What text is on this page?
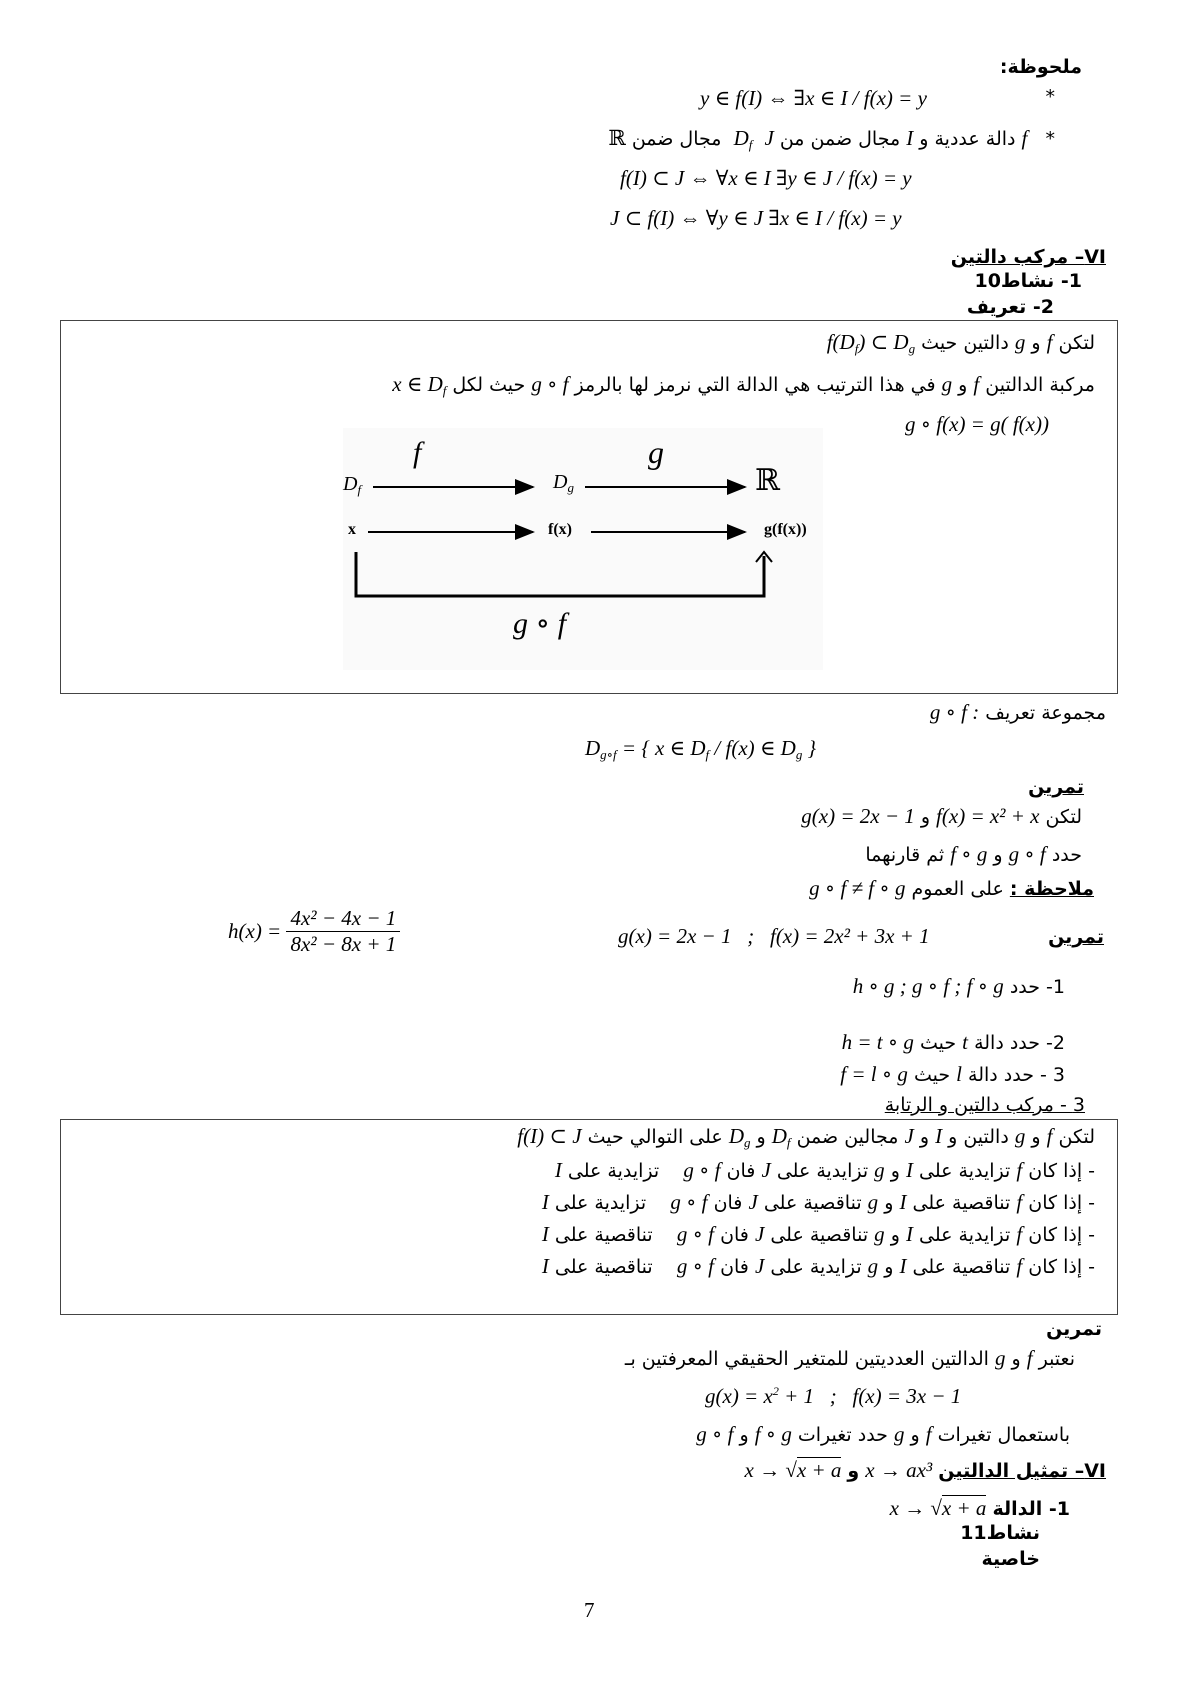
ملحوظة:
y ∈ f(I) ⇔ ∃x ∈ I / f(x) = y	*
*   f دالة عددية و I مجال ضمن من $D_f$ J  مجال ضمن ℝ
f(I) ⊂ J ⇔ ∀x ∈ I ∃y ∈ J / f(x) = y
J ⊂ f(I) ⇔ ∀y ∈ J ∃x ∈ I / f(x) = y
VI– مركب دالتين
1- نشاط10
2- تعريف
لتكن f و g دالتين حيث $f(D_f)$ ⊂ $D_g$
مركبة الدالتين f و g في هذا الترتيب هي الدالة التي نرمز لها بالرمز g ∘ f حيث لكل x ∈ $D_f$
g ∘ f(x) = g( f(x))
f	g
$D_f$	$D_g$	ℝ
x	f(x)	g(f(x))
g ∘ f
مجموعة تعريف : g ∘ f
$D_{g\circ f}$ = { x ∈ $D_f / f(x)$ ∈ $D_g$ }
تمرين
لتكن f(x) = x² + x و g(x) = 2x − 1
حدد g ∘ f و f ∘ g ثم قارنهما
ملاحظة : على العموم g ∘ f ≠ f ∘ g
تمرين
g(x) = 2x − 1 ; f(x) = 2x² + 3x + 1
$h(x) = \frac{\text{4x² − 4x − 1}}{\text{8x² − 8x + 1}}$
1- حدد h ∘ g ; g ∘ f ; f ∘ g
2- حدد دالة t حيث h = t ∘ g
3 - حدد دالة l حيث f = l ∘ g
3 - مركب دالتين و الرتابة
لتكن f و g دالتين و I و J مجالين ضمن $D_f$ و $D_g$ على التوالي حيث f(I) ⊂ J
- إذا كان f تزايدية على I و g تزايدية على J فان g ∘ f    تزايدية على I
- إذا كان f تناقصية على I و g تناقصية على J فان g ∘ f    تزايدية على I
- إذا كان f تزايدية على I و g تناقصية على J فان g ∘ f    تناقصية على I
- إذا كان f تناقصية على I و g تزايدية على J فان g ∘ f    تناقصية على I
تمرين
نعتبر f و g الدالتين العدديتين للمتغير الحقيقي المعرفتين بـ
$g(x) = x^2 + 1$   ;   f(x) = 3x − 1
باستعمال تغيرات f و g حدد تغيرات f ∘ g و g ∘ f
VI– تمثيل الدالتين x → ax³ و x → √x + a
1- الدالة x → √x + a
نشاط11
خاصية
7
